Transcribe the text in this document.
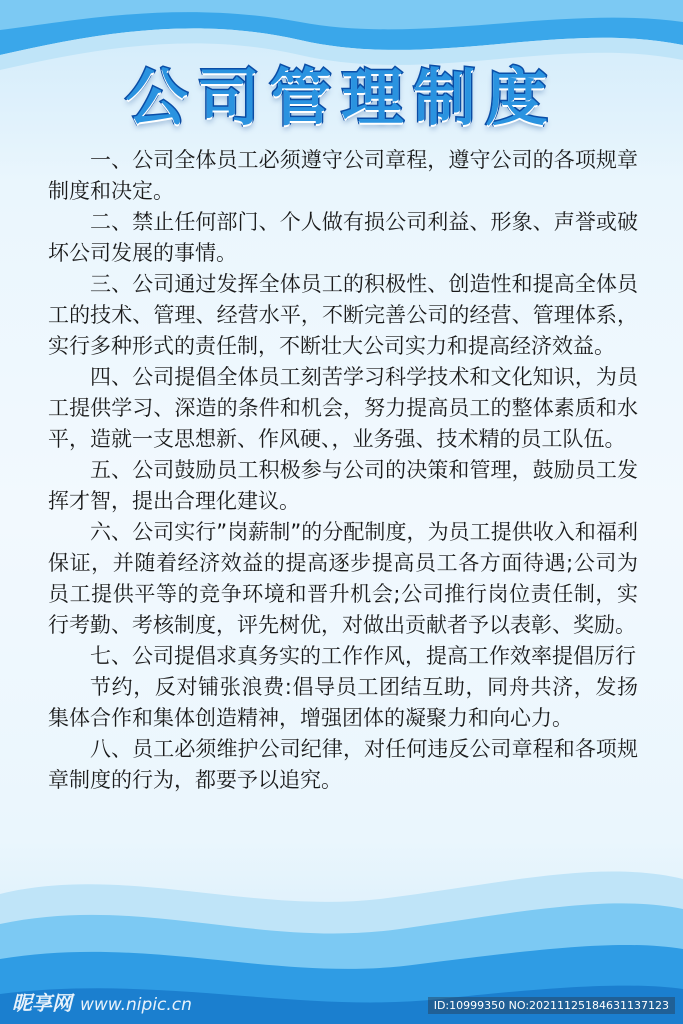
公司管理制度

一、公司全体员工必须遵守公司章程，遵守公司的各项规章制度和决定。

二、禁止任何部门、个人做有损公司利益、形象、声誉或破坏公司发展的事情。

三、公司通过发挥全体员工的积极性、创造性和提高全体员工的技术、管理、经营水平，不断完善公司的经营、管理体系，实行多种形式的责任制，不断壮大公司实力和提高经济效益。

四、公司提倡全体员工刻苦学习科学技术和文化知识，为员工提供学习、深造的条件和机会，努力提高员工的整体素质和水平，造就一支思想新、作风硬、，业务强、技术精的员工队伍。

五、公司鼓励员工积极参与公司的决策和管理，鼓励员工发挥才智，提出合理化建议。

六、公司实行”岗薪制”的分配制度，为员工提供收入和福利保证，并随着经济效益的提高逐步提高员工各方面待遇;公司为员工提供平等的竞争环境和晋升机会;公司推行岗位责任制，实行考勤、考核制度，评先树优，对做出贡献者予以表彰、奖励。

七、公司提倡求真务实的工作作风，提高工作效率提倡厉行

节约，反对铺张浪费:倡导员工团结互助，同舟共济，发扬集体合作和集体创造精神，增强团体的凝聚力和向心力。

八、员工必须维护公司纪律，对任何违反公司章程和各项规章制度的行为，都要予以追究。

昵享网 www.nipic.cn	ID:10999350 NO:20211125184631137123
